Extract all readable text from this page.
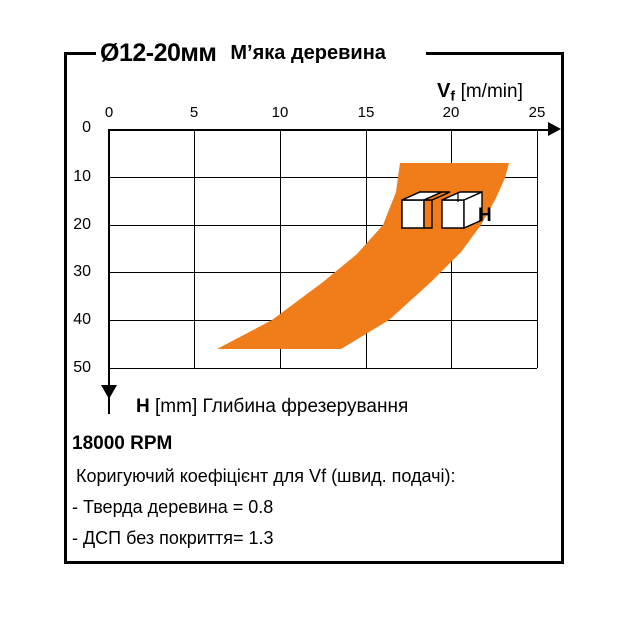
Ø12-20мм М’яка деревина
$V_f$ [m/min]
0	5	10	15	20	25
0
10
20
30
40
50
H
H [mm] Глибина фрезерування
18000 RPM
Коригуючий коефіцієнт для Vf (швид. подачі):
- Тверда деревина = 0.8
- ДСП без покриття= 1.3
